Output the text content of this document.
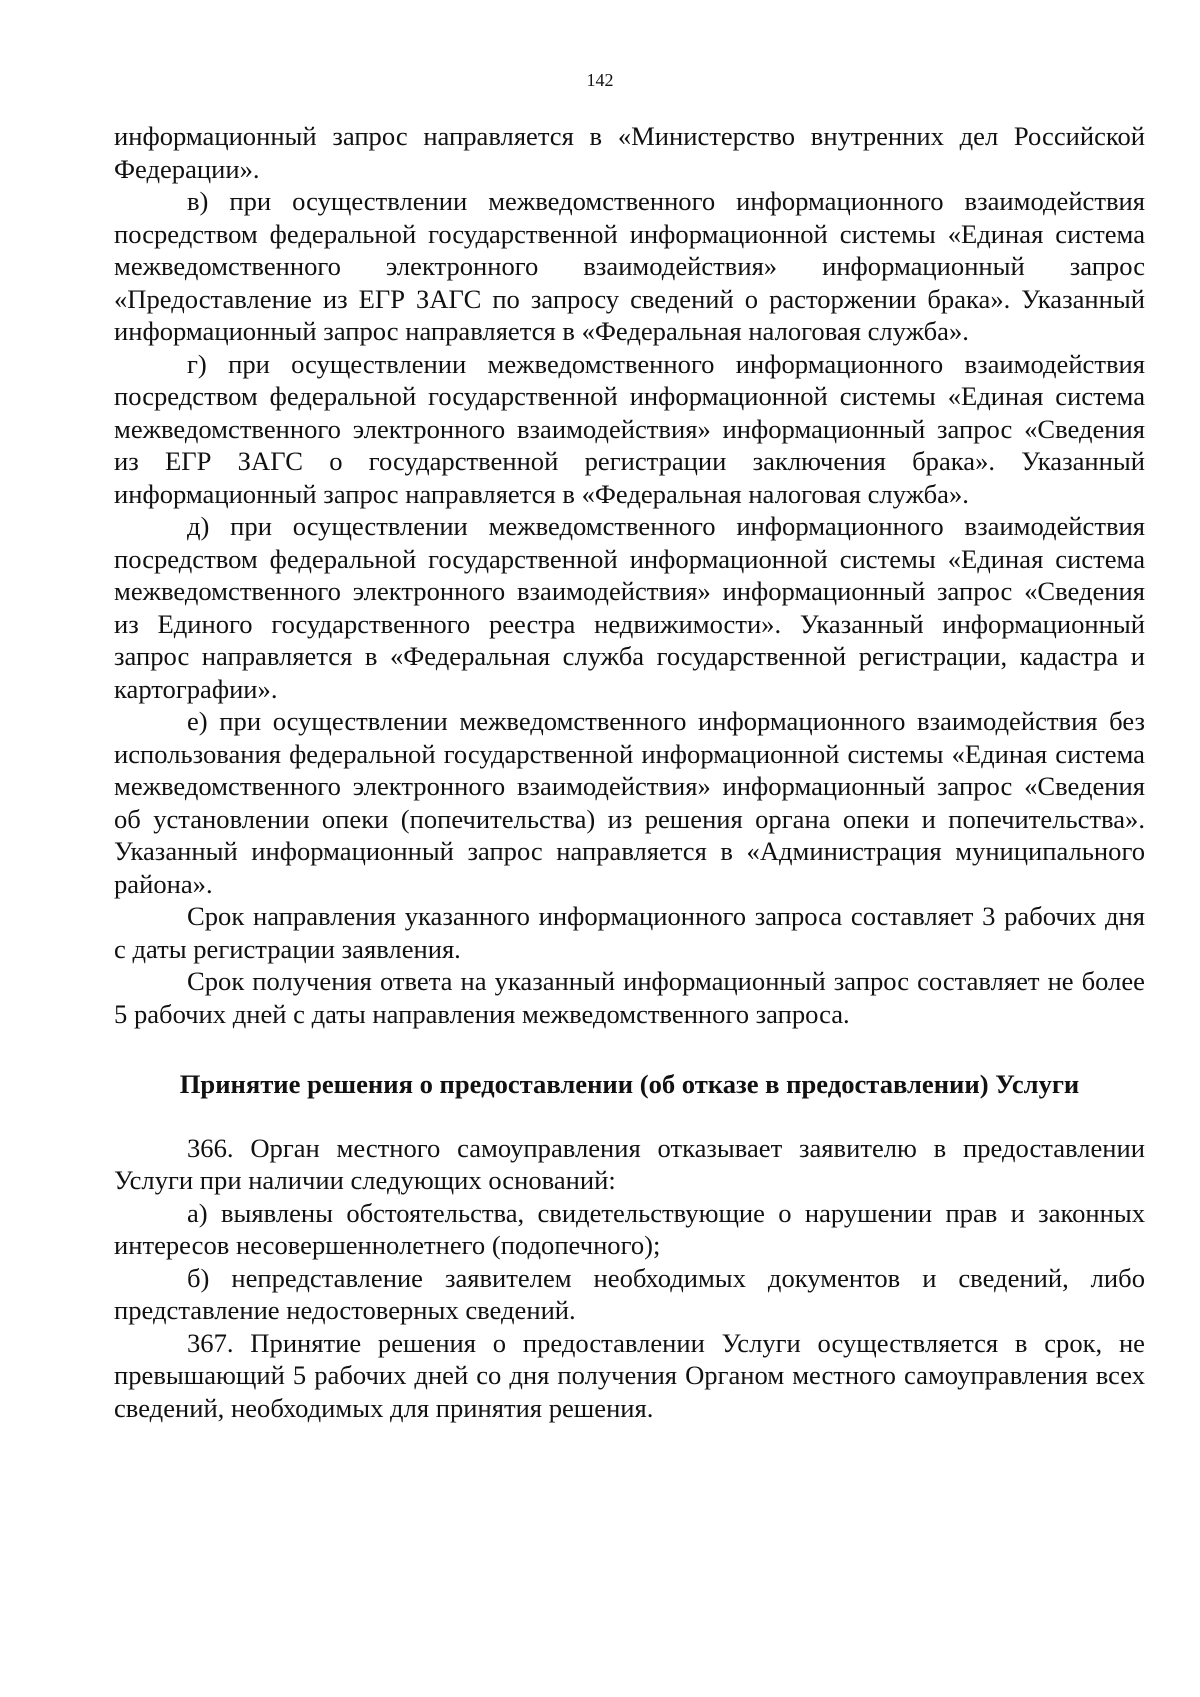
142

информационный запрос направляется в «Министерство внутренних дел Российской Федерации».

в) при осуществлении межведомственного информационного взаимодействия посредством федеральной государственной информационной системы «Единая система межведомственного электронного взаимодействия» информационный запрос «Предоставление из ЕГР ЗАГС по запросу сведений о расторжении брака». Указанный информационный запрос направляется в «Федеральная налоговая служба».

г) при осуществлении межведомственного информационного взаимодействия посредством федеральной государственной информационной системы «Единая система межведомственного электронного взаимодействия» информационный запрос «Сведения из ЕГР ЗАГС о государственной регистрации заключения брака». Указанный информационный запрос направляется в «Федеральная налоговая служба».

д) при осуществлении межведомственного информационного взаимодействия посредством федеральной государственной информационной системы «Единая система межведомственного электронного взаимодействия» информационный запрос «Сведения из Единого государственного реестра недвижимости». Указанный информационный запрос направляется в «Федеральная служба государственной регистрации, кадастра и картографии».

е) при осуществлении межведомственного информационного взаимодействия без использования федеральной государственной информационной системы «Единая система межведомственного электронного взаимодействия» информационный запрос «Сведения об установлении опеки (попечительства) из решения органа опеки и попечительства». Указанный информационный запрос направляется в «Администрация муниципального района».

Срок направления указанного информационного запроса составляет 3 рабочих дня с даты регистрации заявления.

Срок получения ответа на указанный информационный запрос составляет не более 5 рабочих дней с даты направления межведомственного запроса.

Принятие решения о предоставлении (об отказе в предоставлении) Услуги

366. Орган местного самоуправления отказывает заявителю в предоставлении Услуги при наличии следующих оснований:

а) выявлены обстоятельства, свидетельствующие о нарушении прав и законных интересов несовершеннолетнего (подопечного);

б) непредставление заявителем необходимых документов и сведений, либо представление недостоверных сведений.

367. Принятие решения о предоставлении Услуги осуществляется в срок, не превышающий 5 рабочих дней со дня получения Органом местного самоуправления всех сведений, необходимых для принятия решения.
